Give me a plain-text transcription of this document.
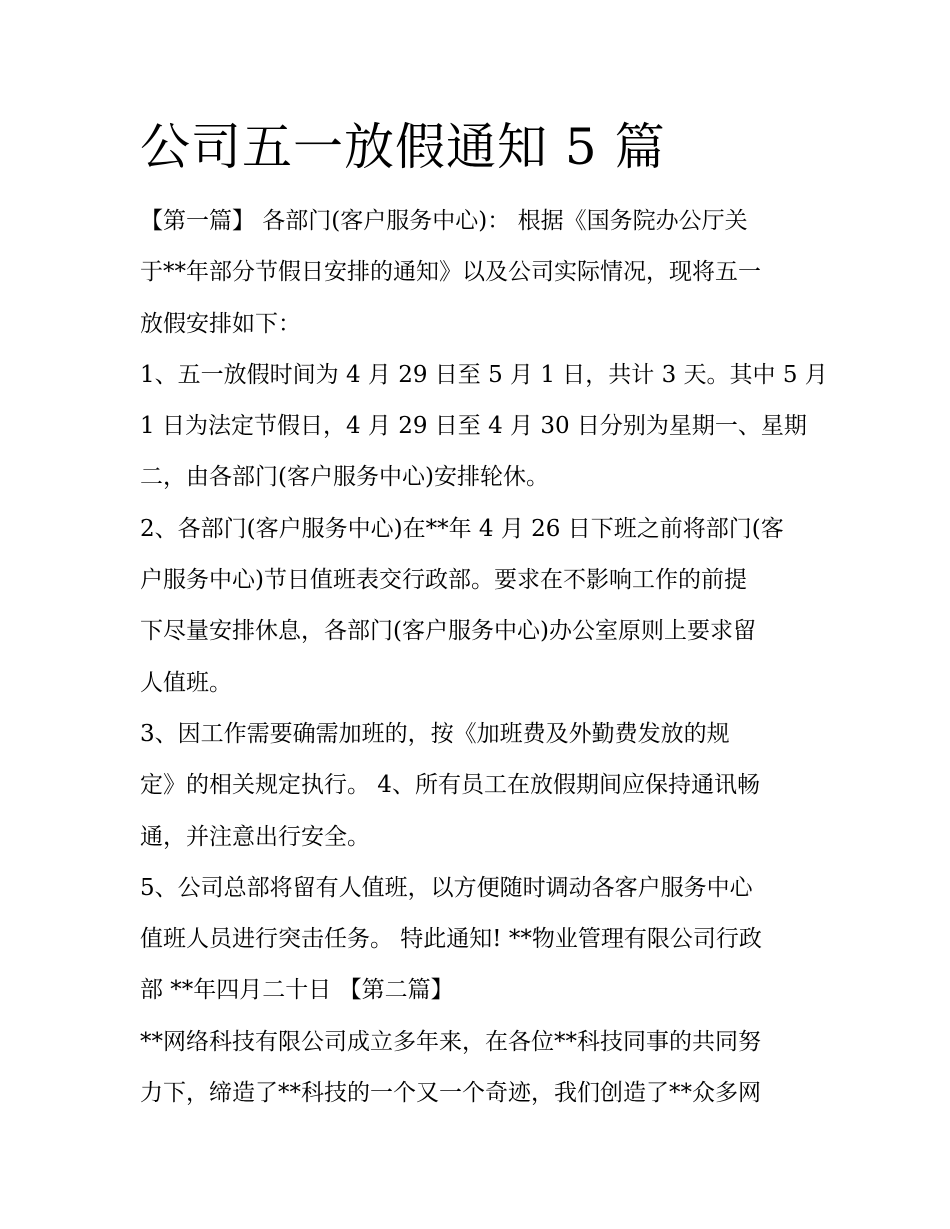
公司五一放假通知 5 篇

【第一篇】 各部门(客户服务中心)： 根据《国务院办公厅关

于**年部分节假日安排的通知》以及公司实际情况，现将五一

放假安排如下：

1、五一放假时间为 4 月 29 日至 5 月 1 日，共计 3 天。其中 5 月

1 日为法定节假日，4 月 29 日至 4 月 30 日分别为星期一、星期

二，由各部门(客户服务中心)安排轮休。

2、各部门(客户服务中心)在**年 4 月 26 日下班之前将部门(客

户服务中心)节日值班表交行政部。要求在不影响工作的前提

下尽量安排休息，各部门(客户服务中心)办公室原则上要求留

人值班。

3、因工作需要确需加班的，按《加班费及外勤费发放的规

定》的相关规定执行。 4、所有员工在放假期间应保持通讯畅

通，并注意出行安全。

5、公司总部将留有人值班，以方便随时调动各客户服务中心

值班人员进行突击任务。 特此通知! **物业管理有限公司行政

部 **年四月二十日 【第二篇】

**网络科技有限公司成立多年来，在各位**科技同事的共同努

力下，缔造了**科技的一个又一个奇迹，我们创造了**众多网
